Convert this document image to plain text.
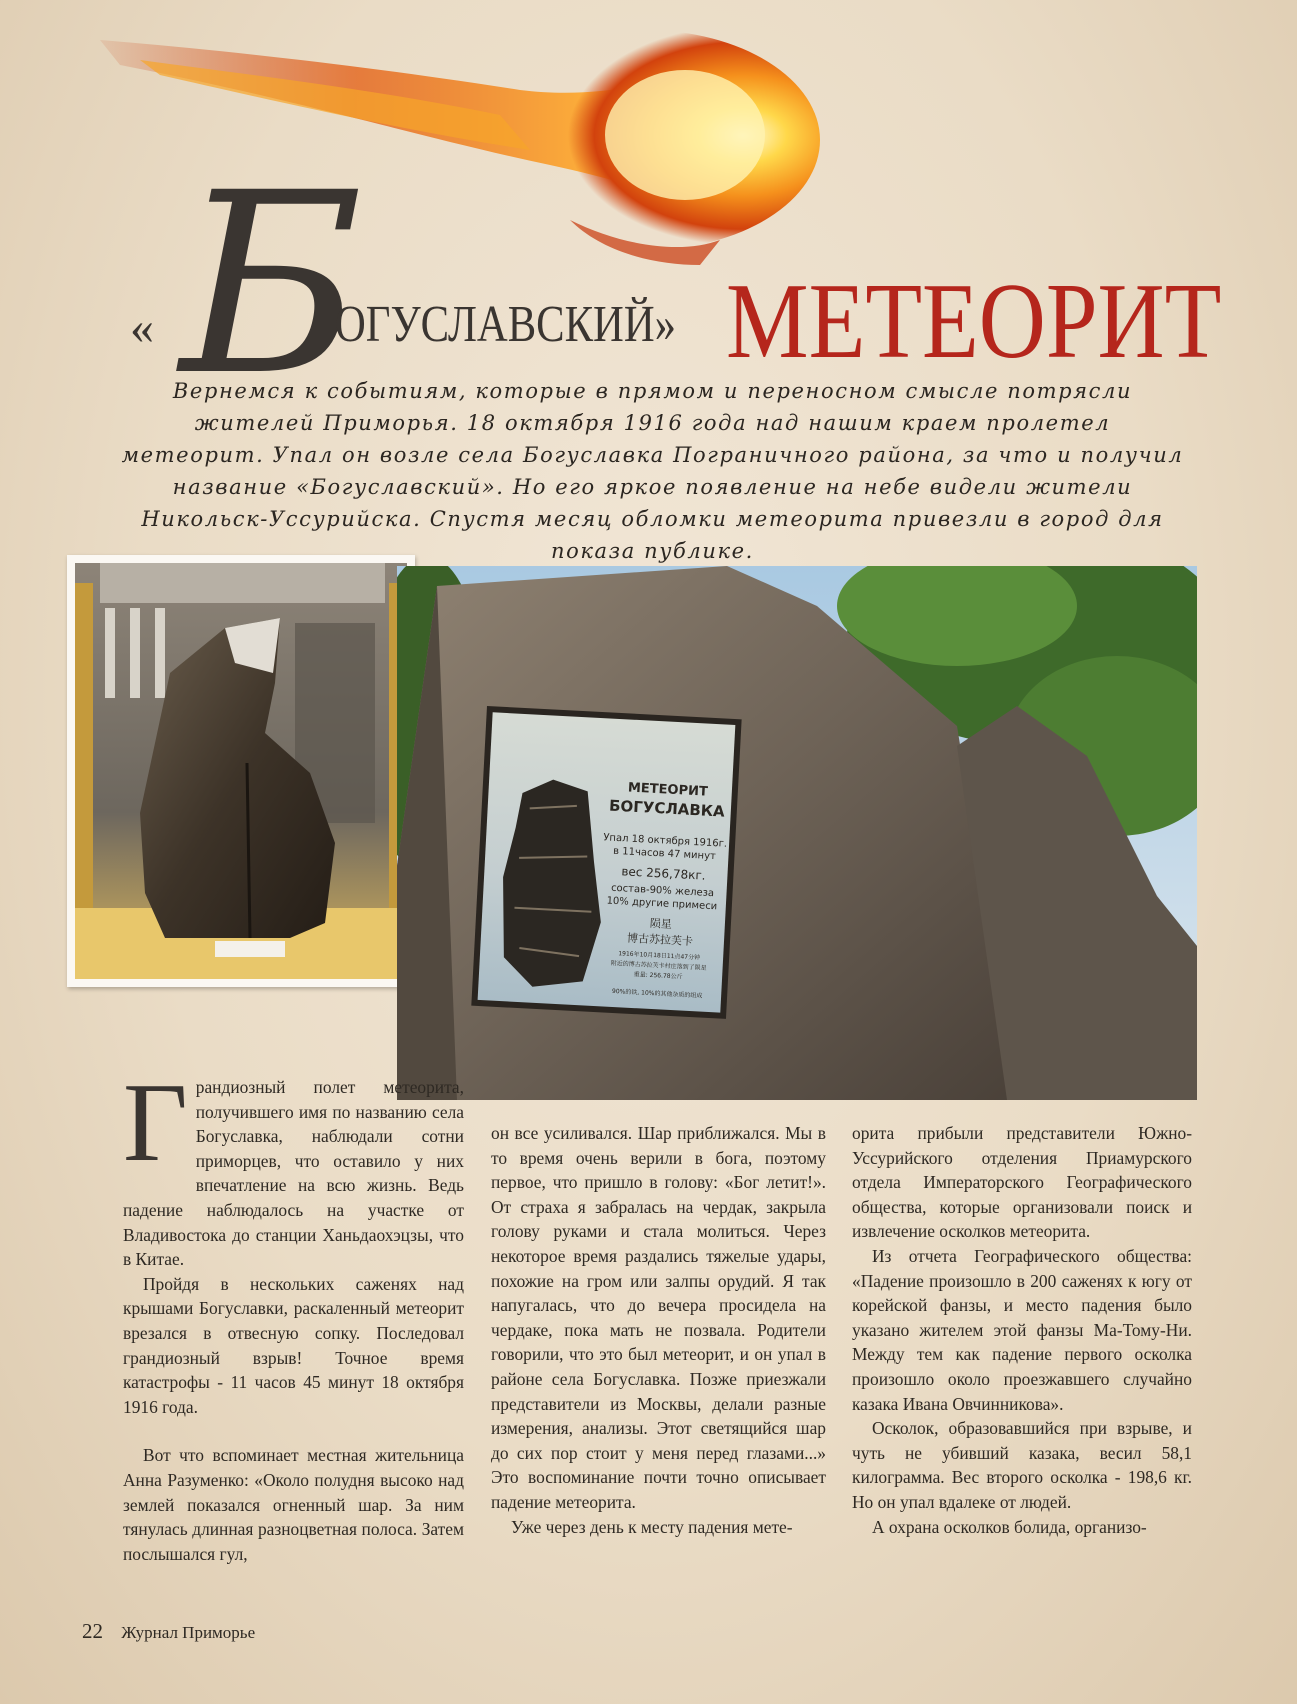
« Б
ОГУСЛАВСКИЙ» МЕТЕОРИТ
Вернемся к событиям, которые в прямом и переносном смысле потрясли жителей Приморья. 18 октября 1916 года над нашим краем пролетел метеорит. Упал он возле села Богуславка Пограничного района, за что и получил название «Богуславский». Но его яркое появление на небе видели жители Никольск-Уссурийска. Спустя месяц обломки метеорита привезли в город для показа публике.
МЕТЕОРИТ
БОГУСЛАВКА
Упал 18 октября 1916г.
в 11часов 47 минут
вес 256,78кг.
состав-90% железа
10% другие примеси
陨星
博古苏拉芙卡
1916年10月18日11点47分钟
附近的博古苏拉芙卡村庄落到了陨星
重量: 256.78公斤
90%的铁, 10%的其他杂质的组成
Г рандиозный полет метеорита, получившего имя по названию села Богуславка, наблюдали сотни приморцев, что оставило у них впечатление на всю жизнь. Ведь падение наблюдалось на участке от Владивостока до станции Ханьдаохэцзы, что в Китае.

Пройдя в нескольких саженях над крышами Богуславки, раскаленный метеорит врезался в отвесную сопку. Последовал грандиозный взрыв! Точное время катастрофы - 11 часов 45 минут 18 октября 1916 года.

Вот что вспоминает местная жительница Анна Разуменко: «Около полудня высоко над землей показался огненный шар. За ним тянулась длинная разноцветная полоса. Затем послышался гул,

он все усиливался. Шар приближался. Мы в то время очень верили в бога, поэтому первое, что пришло в голову: «Бог летит!». От страха я забралась на чердак, закрыла голову руками и стала молиться. Через некоторое время раздались тяжелые удары, похожие на гром или залпы орудий. Я так напугалась, что до вечера просидела на чердаке, пока мать не позвала. Родители говорили, что это был метеорит, и он упал в районе села Богуславка. Позже приезжали представители из Москвы, делали разные измерения, анализы. Этот светящийся шар до сих пор стоит у меня перед глазами...» Это воспоминание почти точно описывает падение метеорита.

Уже через день к месту падения мете-

орита прибыли представители Южно-Уссурийского отделения Приамурского отдела Императорского Географического общества, которые организовали поиск и извлечение осколков метеорита.

Из отчета Географического общества: «Падение произошло в 200 саженях к югу от корейской фанзы, и место падения было указано жителем этой фанзы Ма-Тому-Ни. Между тем как падение первого осколка произошло около проезжавшего случайно казака Ивана Овчинникова».

Осколок, образовавшийся при взрыве, и чуть не убивший казака, весил 58,1 килограмма. Вес второго осколка - 198,6 кг. Но он упал вдалеке от людей.

А охрана осколков болида, организо-

22 Журнал Приморье
